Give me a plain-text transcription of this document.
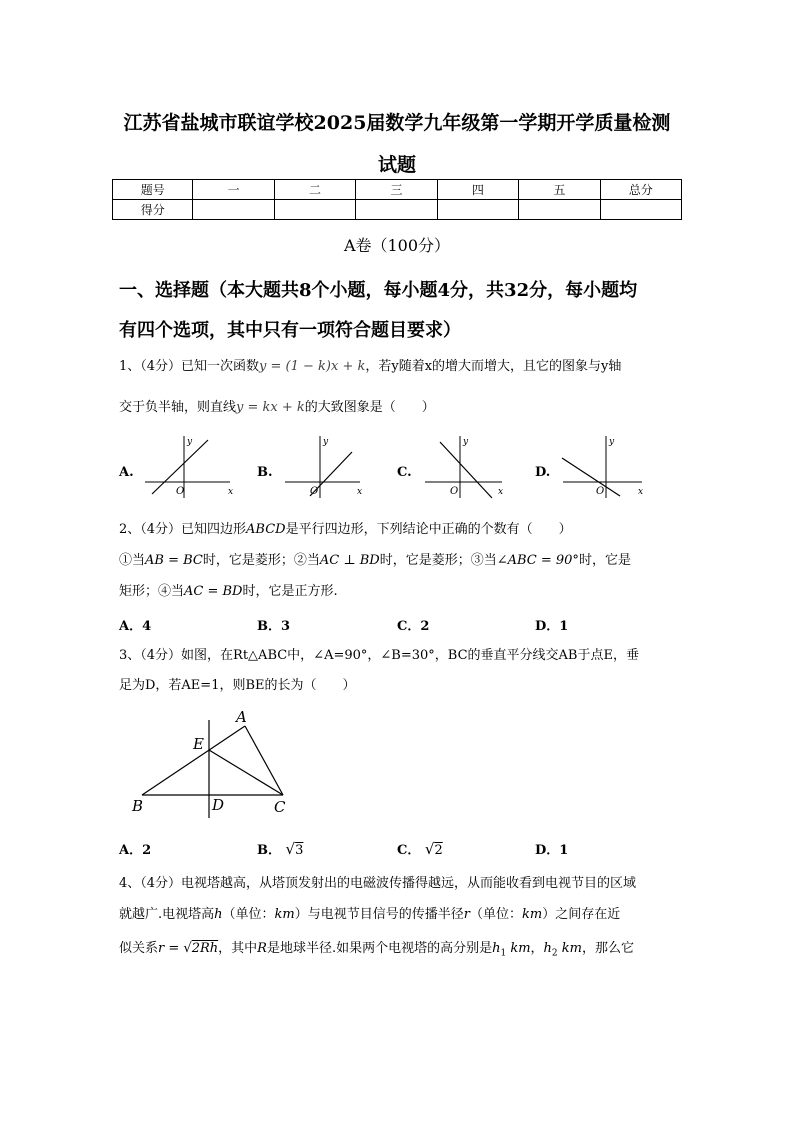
江苏省盐城市联谊学校2025届数学九年级第一学期开学质量检测
试题
题号	一	二	三	四	五	总分
得分						
A卷（100分）
一、选择题（本大题共8个小题，每小题4分，共32分，每小题均
有四个选项，其中只有一项符合题目要求）
1、（4分）已知一次函数y = (1 − k)x + k，若y随着x的增大而增大，且它的图象与y轴
交于负半轴，则直线y = kx + k的大致图象是（　　）
A.
x
y
O
B.
x
y
O
C.
x
y
O
D.
x
y
O
2、（4分）已知四边形ABCD是平行四边形，下列结论中正确的个数有（　　）
①当AB = BC时，它是菱形；②当AC ⊥ BD时，它是菱形；③当∠ABC = 90°时，它是
矩形；④当AC = BD时，它是正方形.
A．4	B．3	C．2	D．1
3、（4分）如图，在Rt△ABC中，∠A=90°，∠B=30°，BC的垂直平分线交AB于点E，垂
足为D，若AE=1，则BE的长为（　　）
A
B	C
D
E
A．2	B． √3	C． √2	D．1
4、（4分）电视塔越高，从塔顶发射出的电磁波传播得越远，从而能收看到电视节目的区域
就越广.电视塔高h（单位：km）与电视节目信号的传播半径r（单位：km）之间存在近
似关系r = √2Rh，其中R是地球半径.如果两个电视塔的高分别是$h_1$ km，$h_2$ km，那么它
